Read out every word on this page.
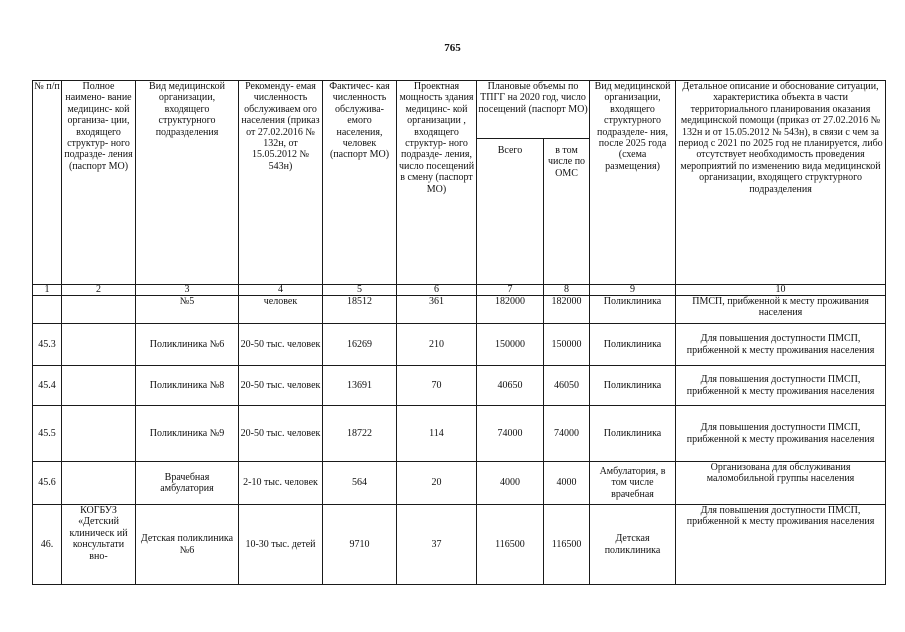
765
№ п/п	Полное наимено- вание медицинс- кой организа- ции, входящего структур- ного подразде- ления (паспорт МО)	Вид медицинской организации, входящего структурного подразделения	Рекоменду- емая численность обслуживаем ого населения (приказ от 27.02.2016 № 132н, от 15.05.2012 № 543н)	Фактичес- кая численность обслужива- емого населения, человек (паспорт МО)	Проектная мощность здания медицинс- кой организации , входящего структур- ного подразде- ления, число посещений в смену (паспорт МО)	Плановые объемы по ТПГГ на 2020 год, число посещений (паспорт МО)		Вид медицинской организации, входящего структурного подразделе- ния, после 2025 года (схема размещения)	Детальное описание и обоснование ситуации, характеристика объекта в части территориального планирования оказания медицинской помощи (приказ от 27.02.2016 № 132н и от 15.05.2012 № 543н), в связи с чем за период с 2021 по 2025 год не планируется, либо отсутствует необходимость проведения мероприятий по изменению вида медицинской организации, входящего структурного подразделения
						Всего	в том числе по ОМС		
1	2	3	4	5	6	7	8	9	10
		№5	человек	18512	361	182000	182000	Поликлиника	ПМСП, прибженной к месту проживания населения
45.3		Поликлиника №6	20-50 тыс. человек	16269	210	150000	150000	Поликлиника	Для повышения доступности ПМСП, прибженной к месту проживания населения
45.4		Поликлиника №8	20-50 тыс. человек	13691	70	40650	46050	Поликлиника	Для повышения доступности ПМСП, прибженной к месту проживания населения
45.5		Поликлиника №9	20-50 тыс. человек	18722	114	74000	74000	Поликлиника	Для повышения доступности ПМСП, прибженной к месту проживания населения
45.6		Врачебная амбулатория	2-10 тыс. человек	564	20	4000	4000	Амбулатория, в том числе врачебная	Организована для обслуживания маломобильной группы населения
46.	КОГБУЗ «Детский клиническ ий консультати вно-	Детская поликлиника №6	10-30 тыс. детей	9710	37	116500	116500	Детская поликлиника	Для повышения доступности ПМСП, прибженной к месту проживания населения
